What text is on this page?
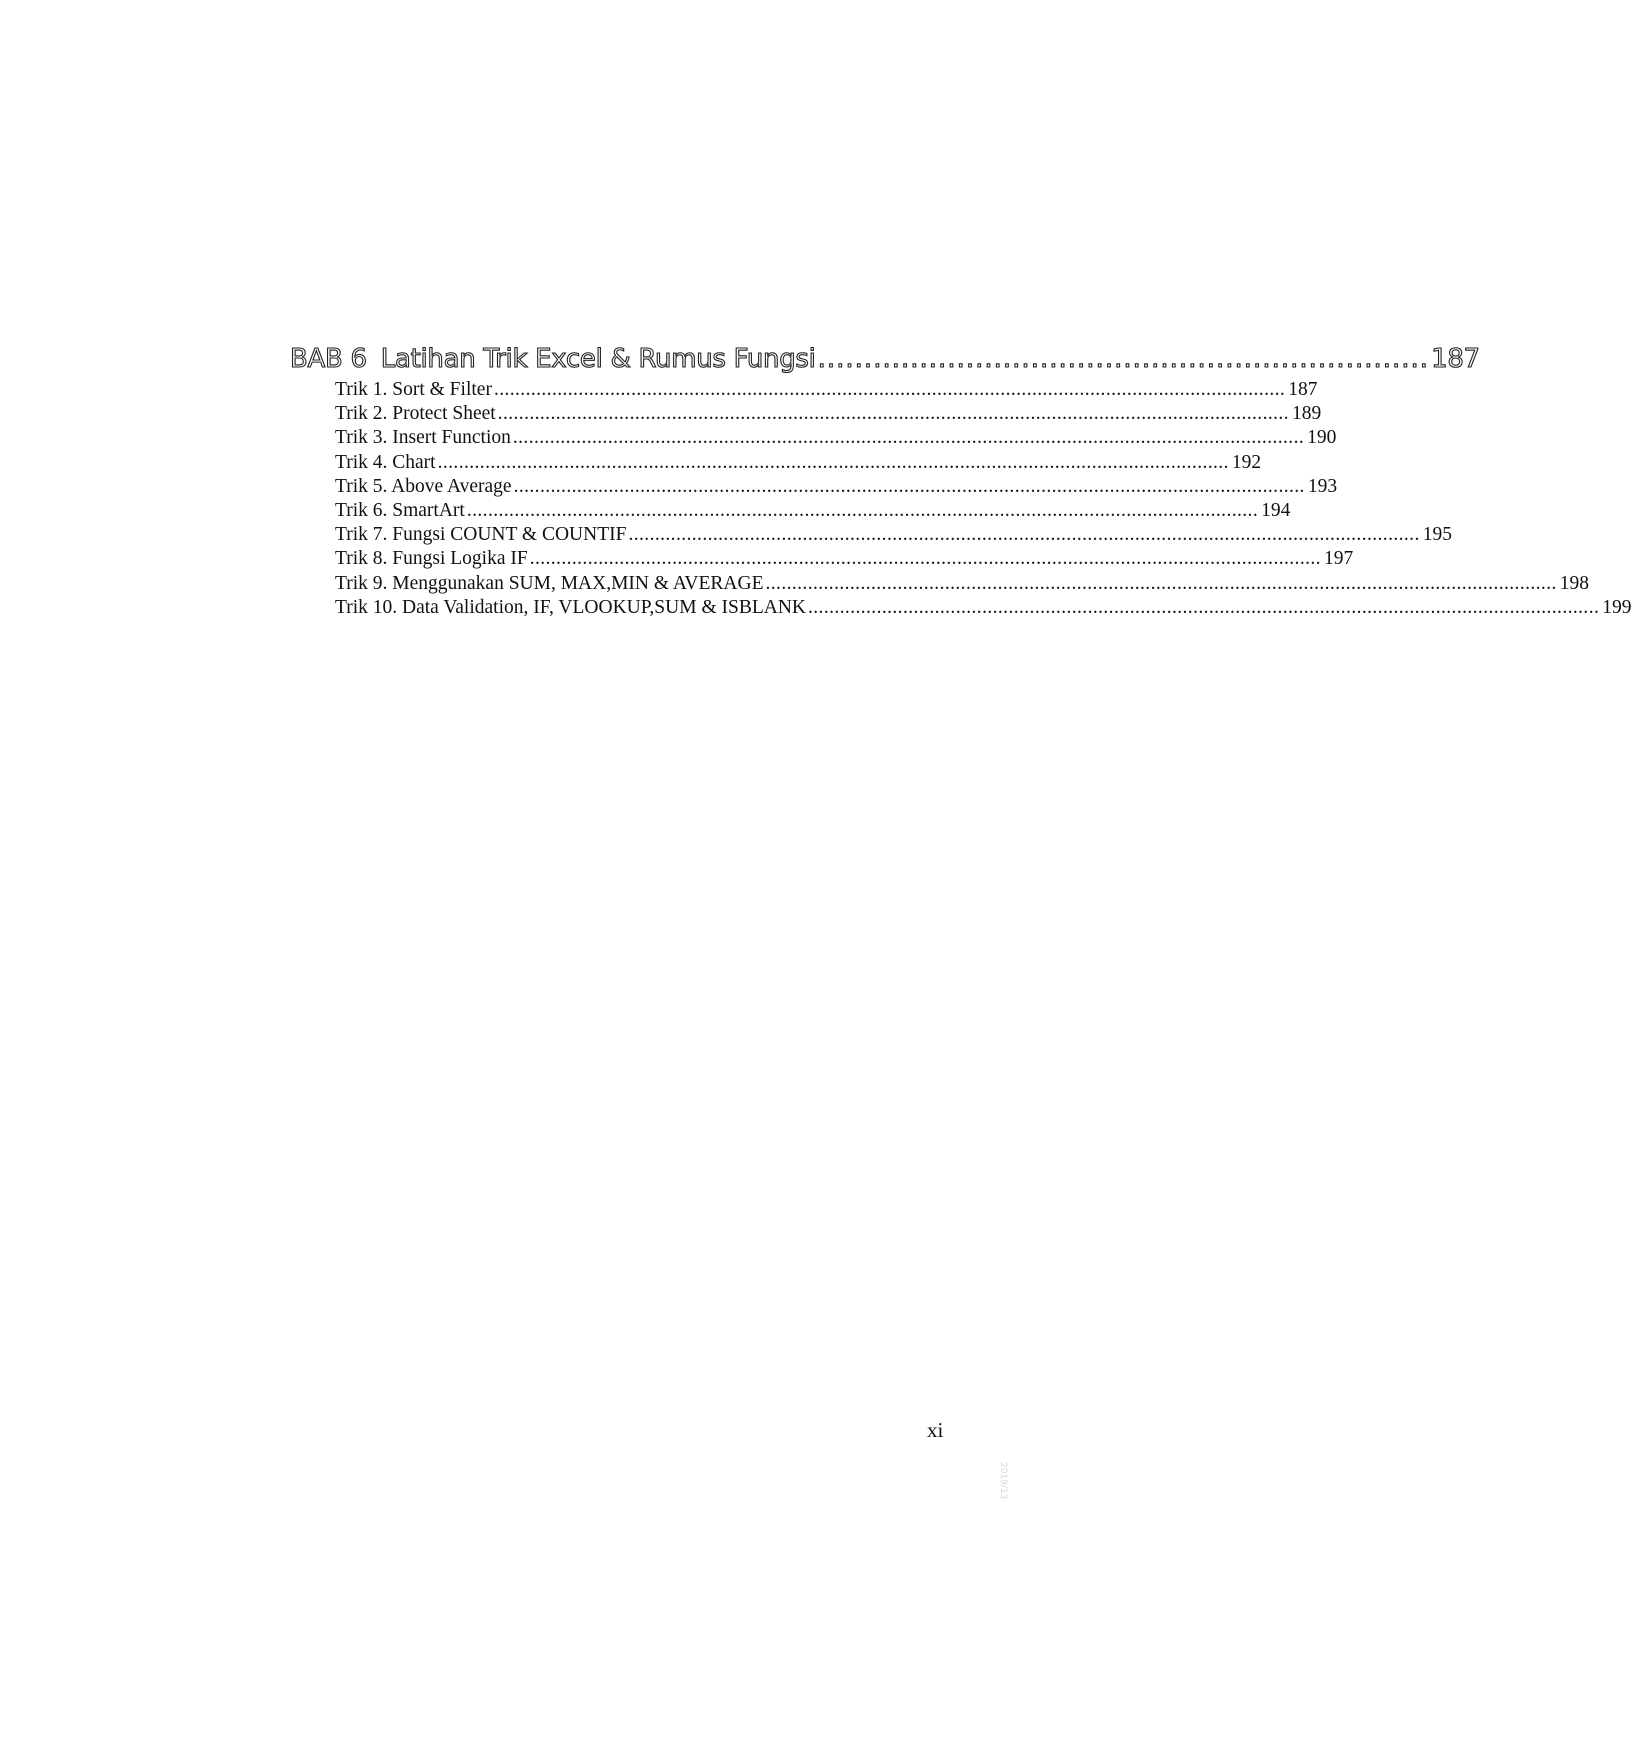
BAB 6 Latihan Trik Excel & Rumus Fungsi .................................................................. 187
Trik 1. Sort & Filter ...................................................................................................................................................... 187
Trik 2. Protect Sheet ...................................................................................................................................................... 189
Trik 3. Insert Function ...................................................................................................................................................... 190
Trik 4. Chart ...................................................................................................................................................... 192
Trik 5. Above Average ...................................................................................................................................................... 193
Trik 6. SmartArt ...................................................................................................................................................... 194
Trik 7. Fungsi COUNT & COUNTIF ...................................................................................................................................................... 195
Trik 8. Fungsi Logika IF ...................................................................................................................................................... 197
Trik 9. Menggunakan SUM, MAX,MIN & AVERAGE ...................................................................................................................................................... 198
Trik 10. Data Validation, IF, VLOOKUP,SUM & ISBLANK ...................................................................................................................................................... 199
xi
2019/13
